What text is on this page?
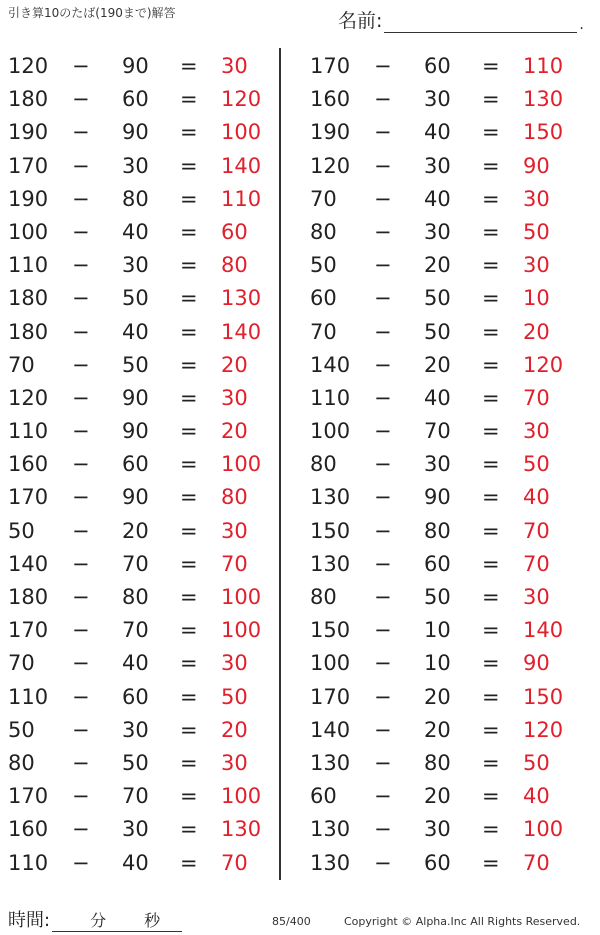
引き算10のたば(190まで)解答	名前:	.
120	− 90 = 30
180	− 60 = 120
190	− 90 = 100
170	− 30 = 140
190	− 80 = 110
100	− 40 = 60
110	− 30 = 80
180	− 50 = 130
180	− 40 = 140
70	− 50 = 20
120	− 90 = 30
110	− 90 = 20
160	− 60 = 100
170	− 90 = 80
50	− 20 = 30
140	− 70 = 70
180	− 80 = 100
170	− 70 = 100
70	− 40 = 30
110	− 60 = 50
50	− 30 = 20
80	− 50 = 30
170	− 70 = 100
160	− 30 = 130
110	− 40 = 70
170	− 60 = 110
160	− 30 = 130
190	− 40 = 150
120	− 30 = 90
70	− 40 = 30
80	− 30 = 50
50	− 20 = 30
60	− 50 = 10
70	− 50 = 20
140	− 20 = 120
110	− 40 = 70
100	− 70 = 30
80	− 30 = 50
130	− 90 = 40
150	− 80 = 70
130	− 60 = 70
80	− 50 = 30
150	− 10 = 140
100	− 10 = 90
170	− 20 = 150
140	− 20 = 120
130	− 80 = 50
60	− 20 = 40
130	− 30 = 100
130	− 60 = 70
時間:	分 秒	85/400	Copyright © Alpha.Inc All Rights Reserved.
